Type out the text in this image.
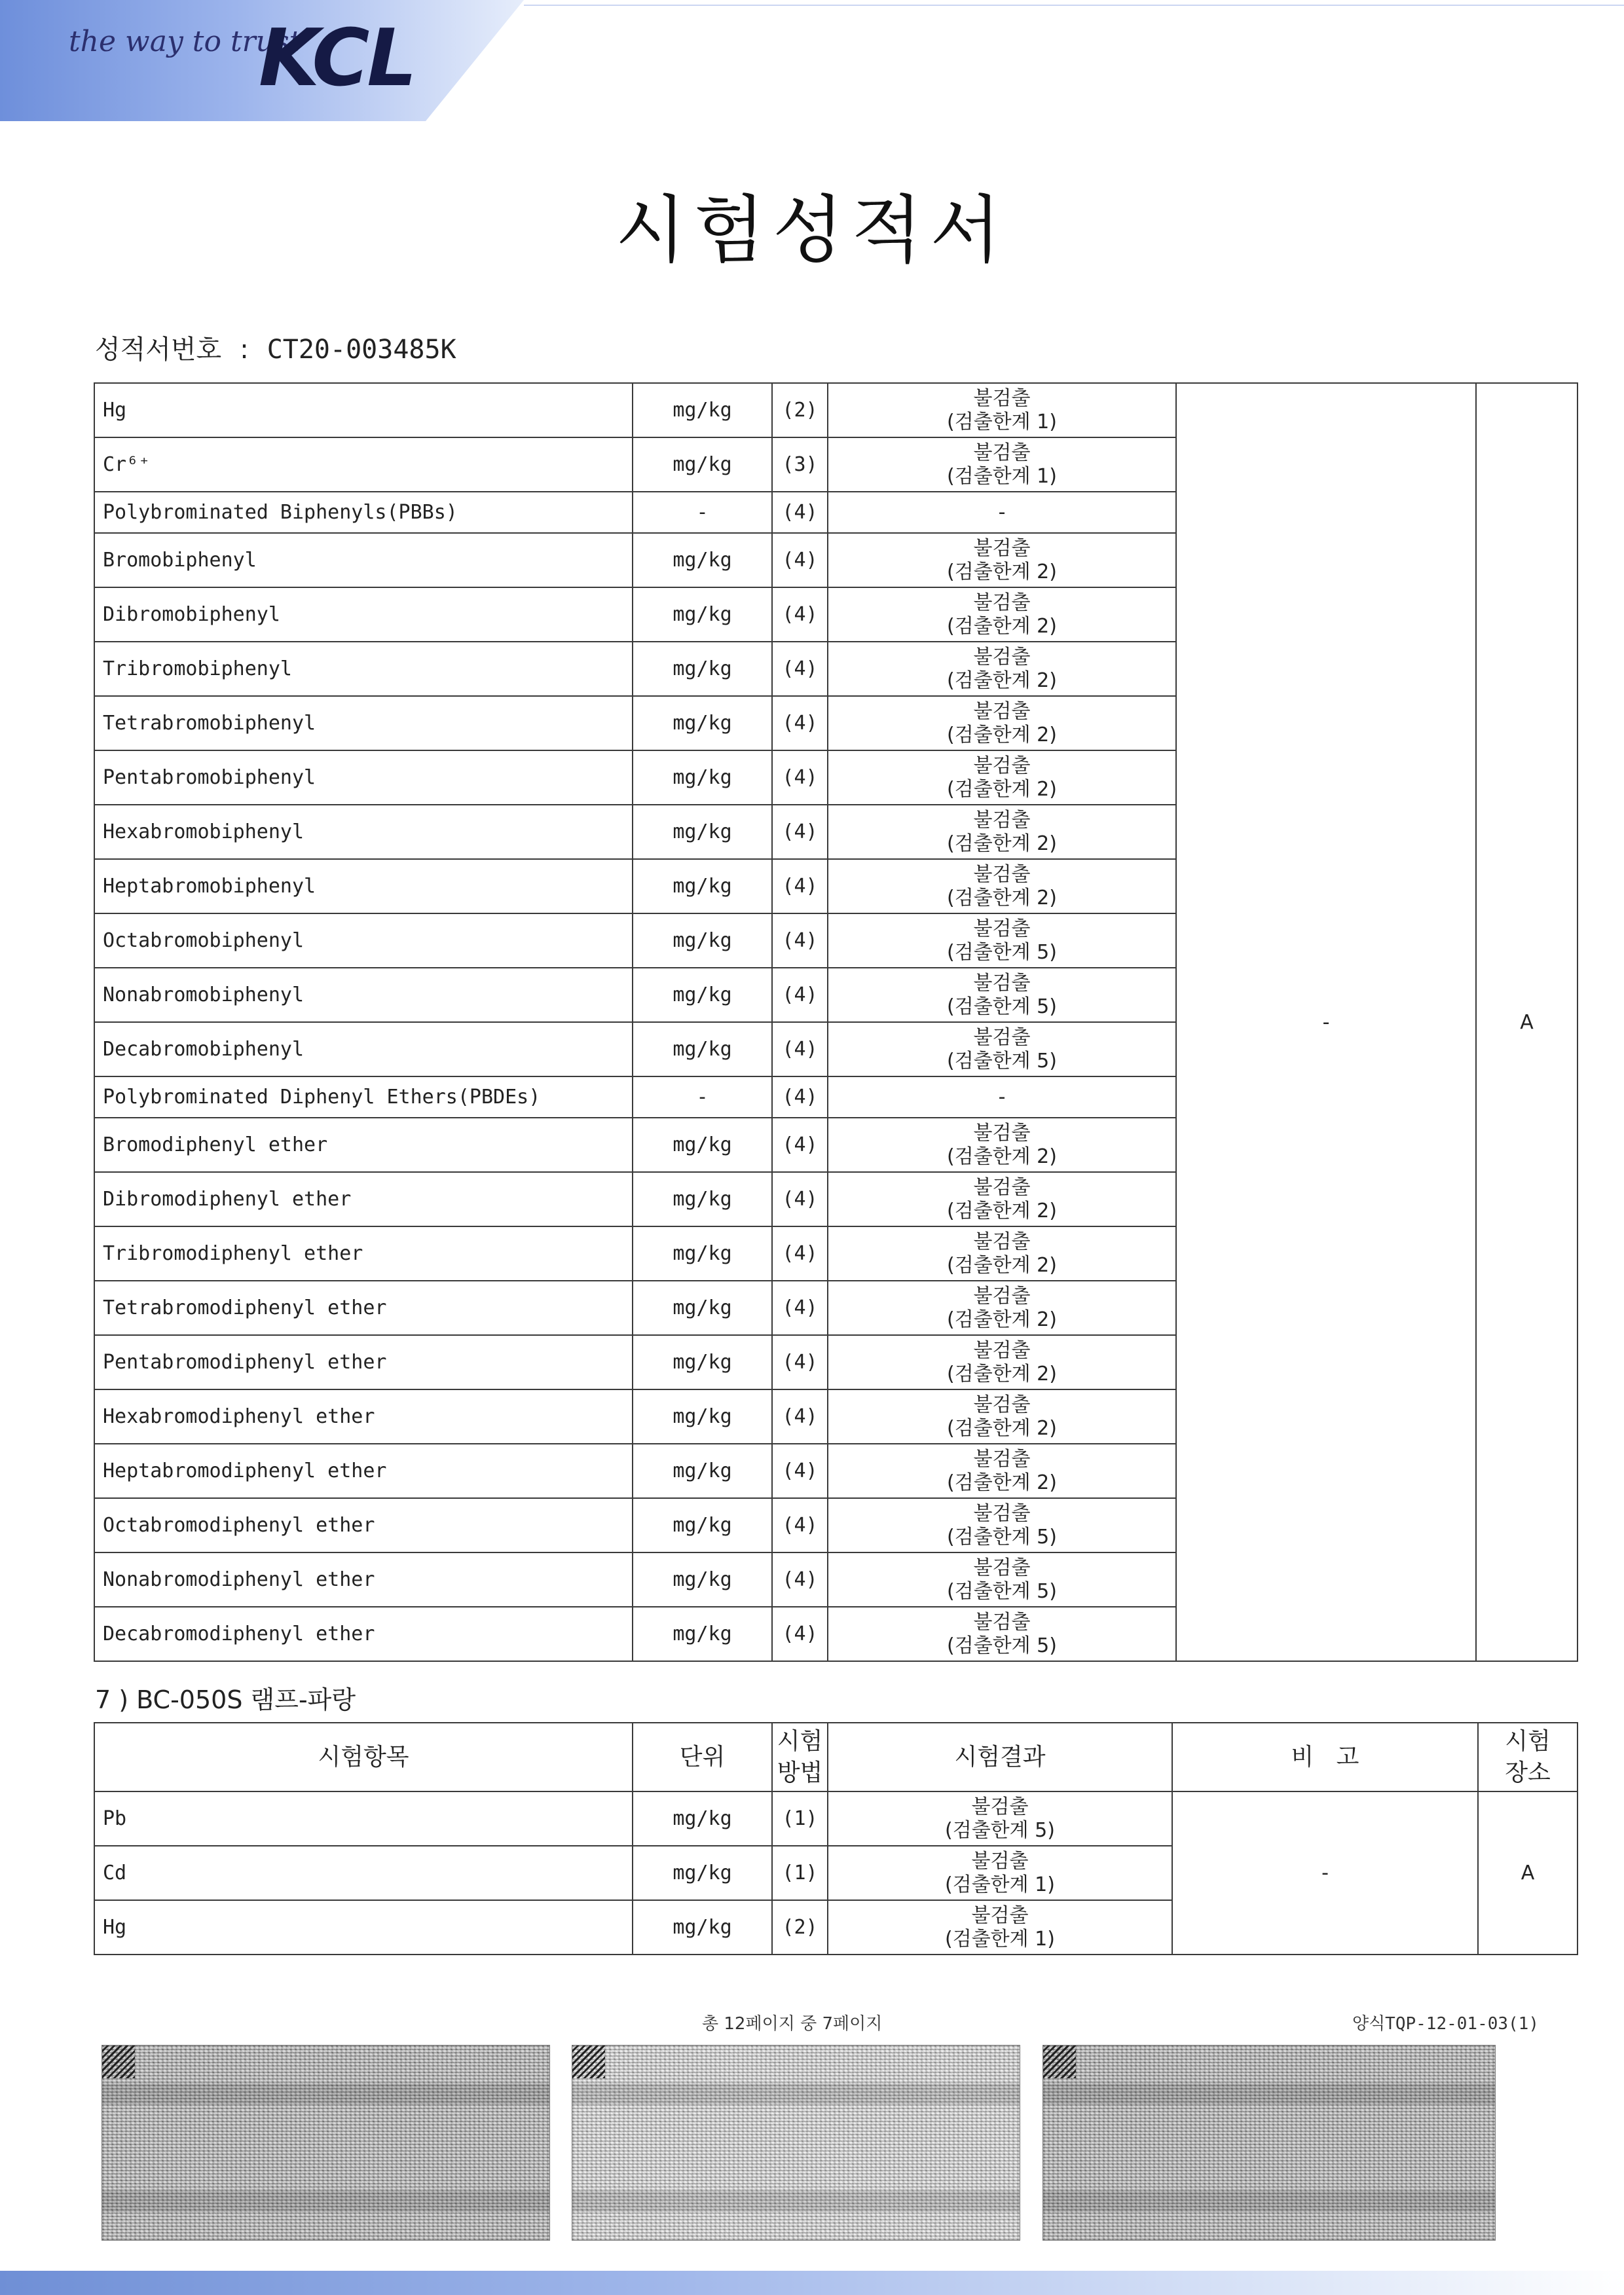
the way to trust
KCL
시험성적서
성적서번호 : CT20-003485K
Hg	mg/kg	(2)	불검출
(검출한계 1)	-	A
Cr⁶⁺	mg/kg	(3)	불검출
(검출한계 1)		

Polybrominated Biphenyls(PBBs)	-	(4)	-		

Bromobiphenyl	mg/kg	(4)	불검출
(검출한계 2)		

Dibromobiphenyl	mg/kg	(4)	불검출
(검출한계 2)		

Tribromobiphenyl	mg/kg	(4)	불검출
(검출한계 2)		

Tetrabromobiphenyl	mg/kg	(4)	불검출
(검출한계 2)		

Pentabromobiphenyl	mg/kg	(4)	불검출
(검출한계 2)		

Hexabromobiphenyl	mg/kg	(4)	불검출
(검출한계 2)		

Heptabromobiphenyl	mg/kg	(4)	불검출
(검출한계 2)		

Octabromobiphenyl	mg/kg	(4)	불검출
(검출한계 5)		

Nonabromobiphenyl	mg/kg	(4)	불검출
(검출한계 5)		

Decabromobiphenyl	mg/kg	(4)	불검출
(검출한계 5)		

Polybrominated Diphenyl Ethers(PBDEs)	-	(4)	-		

Bromodiphenyl ether	mg/kg	(4)	불검출
(검출한계 2)		

Dibromodiphenyl ether	mg/kg	(4)	불검출
(검출한계 2)		

Tribromodiphenyl ether	mg/kg	(4)	불검출
(검출한계 2)		

Tetrabromodiphenyl ether	mg/kg	(4)	불검출
(검출한계 2)		

Pentabromodiphenyl ether	mg/kg	(4)	불검출
(검출한계 2)		

Hexabromodiphenyl ether	mg/kg	(4)	불검출
(검출한계 2)		

Heptabromodiphenyl ether	mg/kg	(4)	불검출
(검출한계 2)		

Octabromodiphenyl ether	mg/kg	(4)	불검출
(검출한계 5)		

Nonabromodiphenyl ether	mg/kg	(4)	불검출
(검출한계 5)		

Decabromodiphenyl ether	mg/kg	(4)	불검출
(검출한계 5)		
7 ) BC-050S 램프-파랑
시험항목	단위	시험
방법	시험결과	비   고	시험
장소

Pb	mg/kg	(1)	불검출
(검출한계 5)	-	A
Cd	mg/kg	(1)	불검출
(검출한계 1)		

Hg	mg/kg	(2)	불검출
(검출한계 1)		
총 12페이지 중 7페이지	양식TQP-12-01-03(1)
